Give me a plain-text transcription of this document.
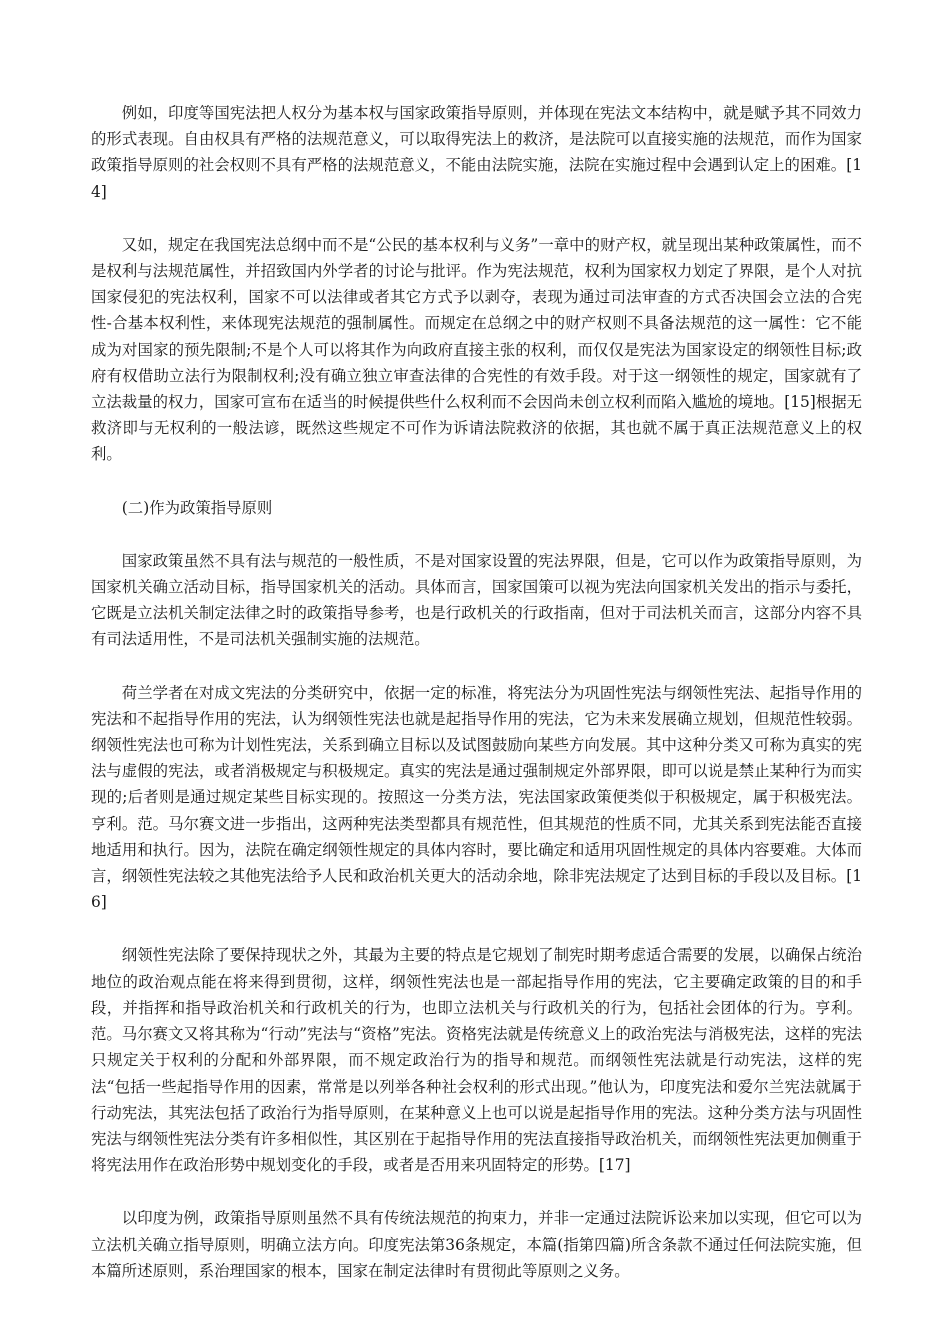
例如，印度等国宪法把人权分为基本权与国家政策指导原则，并体现在宪法文本结构中，就是赋予其不同效力的形式表现。自由权具有严格的法规范意义，可以取得宪法上的救济，是法院可以直接实施的法规范，而作为国家政策指导原则的社会权则不具有严格的法规范意义，不能由法院实施，法院在实施过程中会遇到认定上的困难。[14]

又如，规定在我国宪法总纲中而不是“公民的基本权利与义务”一章中的财产权，就呈现出某种政策属性，而不是权利与法规范属性，并招致国内外学者的讨论与批评。作为宪法规范，权利为国家权力划定了界限，是个人对抗国家侵犯的宪法权利，国家不可以法律或者其它方式予以剥夺，表现为通过司法审查的方式否决国会立法的合宪性-合基本权利性，来体现宪法规范的强制属性。而规定在总纲之中的财产权则不具备法规范的这一属性：它不能成为对国家的预先限制;不是个人可以将其作为向政府直接主张的权利，而仅仅是宪法为国家设定的纲领性目标;政府有权借助立法行为限制权利;没有确立独立审查法律的合宪性的有效手段。对于这一纲领性的规定，国家就有了立法裁量的权力，国家可宣布在适当的时候提供些什么权利而不会因尚未创立权利而陷入尴尬的境地。[15]根据无救济即与无权利的一般法谚，既然这些规定不可作为诉请法院救济的依据，其也就不属于真正法规范意义上的权利。

(二)作为政策指导原则

国家政策虽然不具有法与规范的一般性质，不是对国家设置的宪法界限，但是，它可以作为政策指导原则，为国家机关确立活动目标，指导国家机关的活动。具体而言，国家国策可以视为宪法向国家机关发出的指示与委托，它既是立法机关制定法律之时的政策指导参考，也是行政机关的行政指南，但对于司法机关而言，这部分内容不具有司法适用性，不是司法机关强制实施的法规范。

荷兰学者在对成文宪法的分类研究中，依据一定的标准，将宪法分为巩固性宪法与纲领性宪法、起指导作用的宪法和不起指导作用的宪法，认为纲领性宪法也就是起指导作用的宪法，它为未来发展确立规划，但规范性较弱。纲领性宪法也可称为计划性宪法，关系到确立目标以及试图鼓励向某些方向发展。其中这种分类又可称为真实的宪法与虚假的宪法，或者消极规定与积极规定。真实的宪法是通过强制规定外部界限，即可以说是禁止某种行为而实现的;后者则是通过规定某些目标实现的。按照这一分类方法，宪法国家政策便类似于积极规定，属于积极宪法。亨利。范。马尔赛文进一步指出，这两种宪法类型都具有规范性，但其规范的性质不同，尤其关系到宪法能否直接地适用和执行。因为，法院在确定纲领性规定的具体内容时，要比确定和适用巩固性规定的具体内容要难。大体而言，纲领性宪法较之其他宪法给予人民和政治机关更大的活动余地，除非宪法规定了达到目标的手段以及目标。[16]

纲领性宪法除了要保持现状之外，其最为主要的特点是它规划了制宪时期考虑适合需要的发展，以确保占统治地位的政治观点能在将来得到贯彻，这样，纲领性宪法也是一部起指导作用的宪法，它主要确定政策的目的和手段，并指挥和指导政治机关和行政机关的行为，也即立法机关与行政机关的行为，包括社会团体的行为。亨利。范。马尔赛文又将其称为“行动”宪法与“资格”宪法。资格宪法就是传统意义上的政治宪法与消极宪法，这样的宪法只规定关于权利的分配和外部界限，而不规定政治行为的指导和规范。而纲领性宪法就是行动宪法，这样的宪法“包括一些起指导作用的因素，常常是以列举各种社会权利的形式出现。”他认为，印度宪法和爱尔兰宪法就属于行动宪法，其宪法包括了政治行为指导原则，在某种意义上也可以说是起指导作用的宪法。这种分类方法与巩固性宪法与纲领性宪法分类有许多相似性，其区别在于起指导作用的宪法直接指导政治机关，而纲领性宪法更加侧重于将宪法用作在政治形势中规划变化的手段，或者是否用来巩固特定的形势。[17]

以印度为例，政策指导原则虽然不具有传统法规范的拘束力，并非一定通过法院诉讼来加以实现，但它可以为立法机关确立指导原则，明确立法方向。印度宪法第36条规定，本篇(指第四篇)所含条款不通过任何法院实施，但本篇所述原则，系治理国家的根本，国家在制定法律时有贯彻此等原则之义务。
